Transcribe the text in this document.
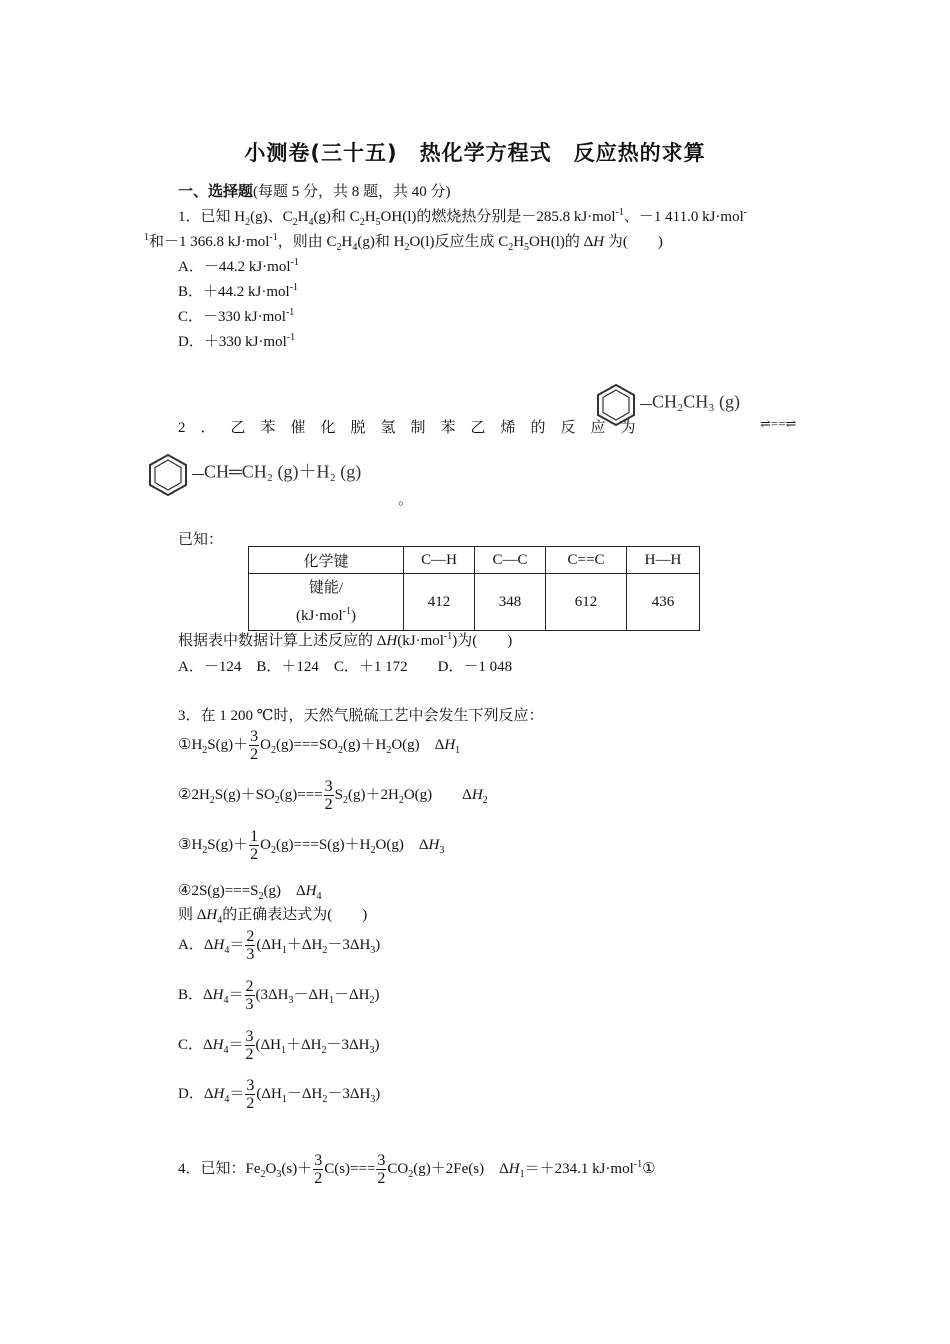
小测卷(三十五)　热化学方程式　反应热的求算
一、选择题(每题 5 分，共 8 题，共 40 分)
1．已知 $H_2(g)$、$C_2H_4(g)$和 $C_2H_5OH(l)$的燃烧热分别是－285.8 kJ·mol$^{-1}$、－1 411.0 kJ·mol-
$^1$和－1 366.8 kJ·mol$^{-1}$，则由 $C_2H_4(g)$和 $H_2O(l)$反应生成 $C_2H_5OH(l)$的 ΔH 为(　　)
A．－44.2 kJ·mol$^{-1}$
B．＋44.2 kJ·mol$^{-1}$
C．－330 kJ·mol$^{-1}$
D．＋330 kJ·mol$^{-1}$
2．乙苯催化脱氢制苯乙烯的反应为
CH₂CH₃ (g)
⇌==⇌
CH═CH₂ (g)＋H₂ (g)
。
已知：
化学键	C—H	C—C	C==C	H—H
键能/
(kJ·mol$^{-1}$)	412	348	612	436
根据表中数据计算上述反应的 ΔH(kJ·mol$^{-1}$)为(　　)
A．－124　B．＋124　C．＋1 172　　D．－1 048
3．在 1 200 ℃时，天然气脱硫工艺中会发生下列反应：
$①H_2S(g)+ \frac{3}{2} O_2(g)===SO_2(g)+H_2O(g)$　$\Delta H_1$
$②2H_2S(g)+SO_2(g)=== \frac{3}{2} S_2(g)+2H_2O(g)$　　$\Delta H_2$
$③H_2S(g)+ \frac{1}{2} O_2(g)===S(g)+H_2O(g)$　$\Delta H_3$
$④2S(g)===S_2(g)$　$\Delta H_4$
则 $\Delta H_4$的正确表达式为(　　)
A．$\Delta H_4= \frac{2}{3} (\Delta H_1+\Delta H_2-3\Delta H_3)$
B．$\Delta H_4= \frac{2}{3} (3\Delta H_3-\Delta H_1-\Delta H_2)$
C．$\Delta H_4= \frac{3}{2} (\Delta H_1+\Delta H_2-3\Delta H_3)$
D．$\Delta H_4= \frac{3}{2} (\Delta H_1-\Delta H_2-3\Delta H_3)$
4．已知：$Fe_2O_3(s)+ \frac{3}{2} C(s)=== \frac{3}{2} CO_2(g)+2Fe(s)$　$\Delta H_1=+234.1$ kJ·mol$^{-1}$①
